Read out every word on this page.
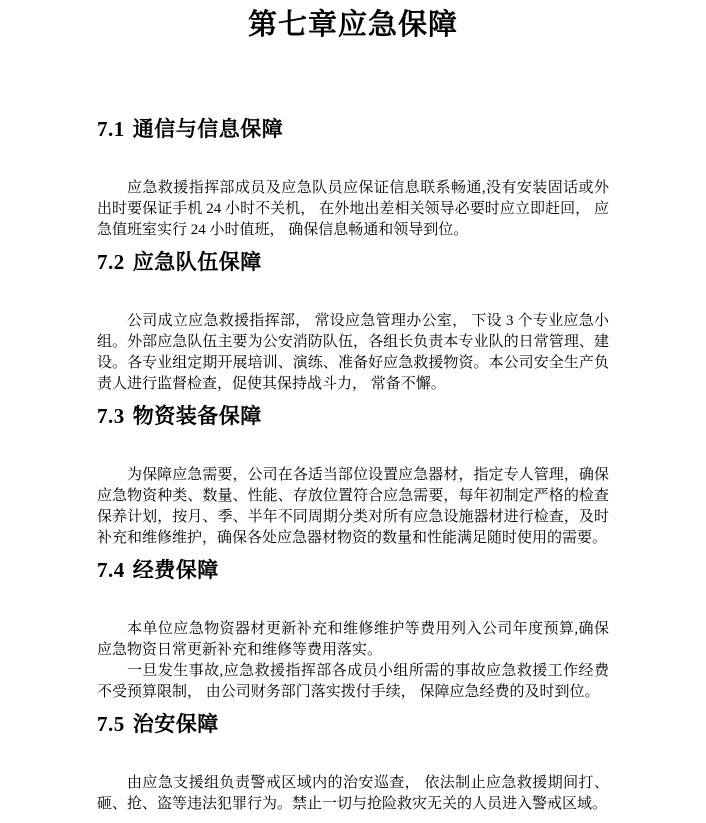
第七章应急保障
7.1 通信与信息保障

应急救援指挥部成员及应急队员应保证信息联系畅通,没有安装固话或外出时要保证手机 24 小时不关机， 在外地出差相关领导必要时应立即赶回， 应急值班室实行 24 小时值班， 确保信息畅通和领导到位。

7.2 应急队伍保障

公司成立应急救援指挥部， 常设应急管理办公室， 下设 3 个专业应急小组。外部应急队伍主要为公安消防队伍，各组长负责本专业队的日常管理、建设。各专业组定期开展培训、演练、准备好应急救援物资。本公司安全生产负责人进行监督检查，促使其保持战斗力， 常备不懈。

7.3 物资装备保障

为保障应急需要，公司在各适当部位设置应急器材，指定专人管理，确保应急物资种类、数量、性能、存放位置符合应急需要，每年初制定严格的检查保养计划，按月、季、半年不同周期分类对所有应急设施器材进行检查，及时补充和维修维护，确保各处应急器材物资的数量和性能满足随时使用的需要。

7.4 经费保障

本单位应急物资器材更新补充和维修维护等费用列入公司年度预算,确保应急物资日常更新补充和维修等费用落实。

一旦发生事故,应急救援指挥部各成员小组所需的事故应急救援工作经费不受预算限制， 由公司财务部门落实拨付手续， 保障应急经费的及时到位。

7.5 治安保障

由应急支援组负责警戒区域内的治安巡查， 依法制止应急救援期间打、砸、抢、盗等违法犯罪行为。禁止一切与抢险救灾无关的人员进入警戒区域。
